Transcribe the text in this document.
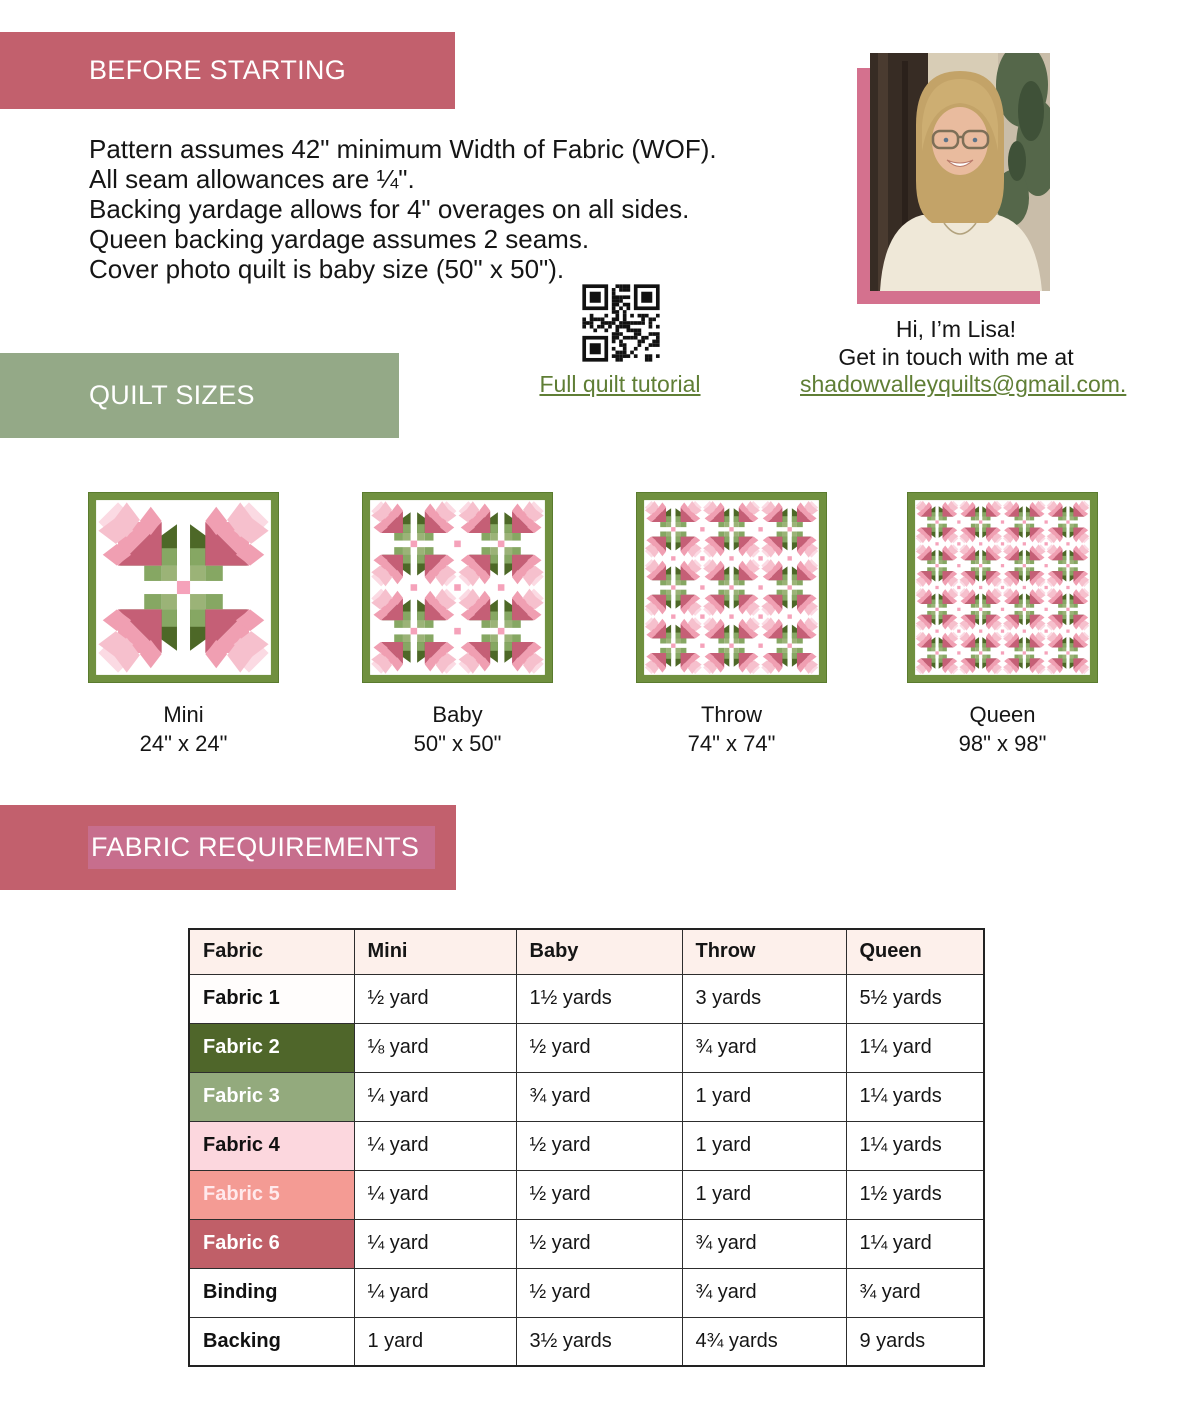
BEFORE STARTING
Pattern assumes 42" minimum Width of Fabric (WOF).
All seam allowances are ¼".
Backing yardage allows for 4" overages on all sides.
Queen backing yardage assumes 2 seams.
Cover photo quilt is baby size (50" x 50").
Full quilt tutorial
Hi, I’m Lisa!
Get in touch with me at
shadowvalleyquilts@gmail.com.
QUILT SIZES
Mini
24" x 24"
Baby
50" x 50"
Throw
74" x 74"
Queen
98" x 98"
FABRIC REQUIREMENTS
Fabric	Mini	Baby	Throw	Queen
Fabric 1	½ yard	1½ yards	3 yards	5½ yards
Fabric 2	⅛ yard	½ yard	¾ yard	1¼ yard
Fabric 3	¼ yard	¾ yard	1 yard	1¼ yards
Fabric 4	¼ yard	½ yard	1 yard	1¼ yards
Fabric 5	¼ yard	½ yard	1 yard	1½ yards
Fabric 6	¼ yard	½ yard	¾ yard	1¼ yard
Binding	¼ yard	½ yard	¾ yard	¾ yard
Backing	1 yard	3½ yards	4¾ yards	9 yards
